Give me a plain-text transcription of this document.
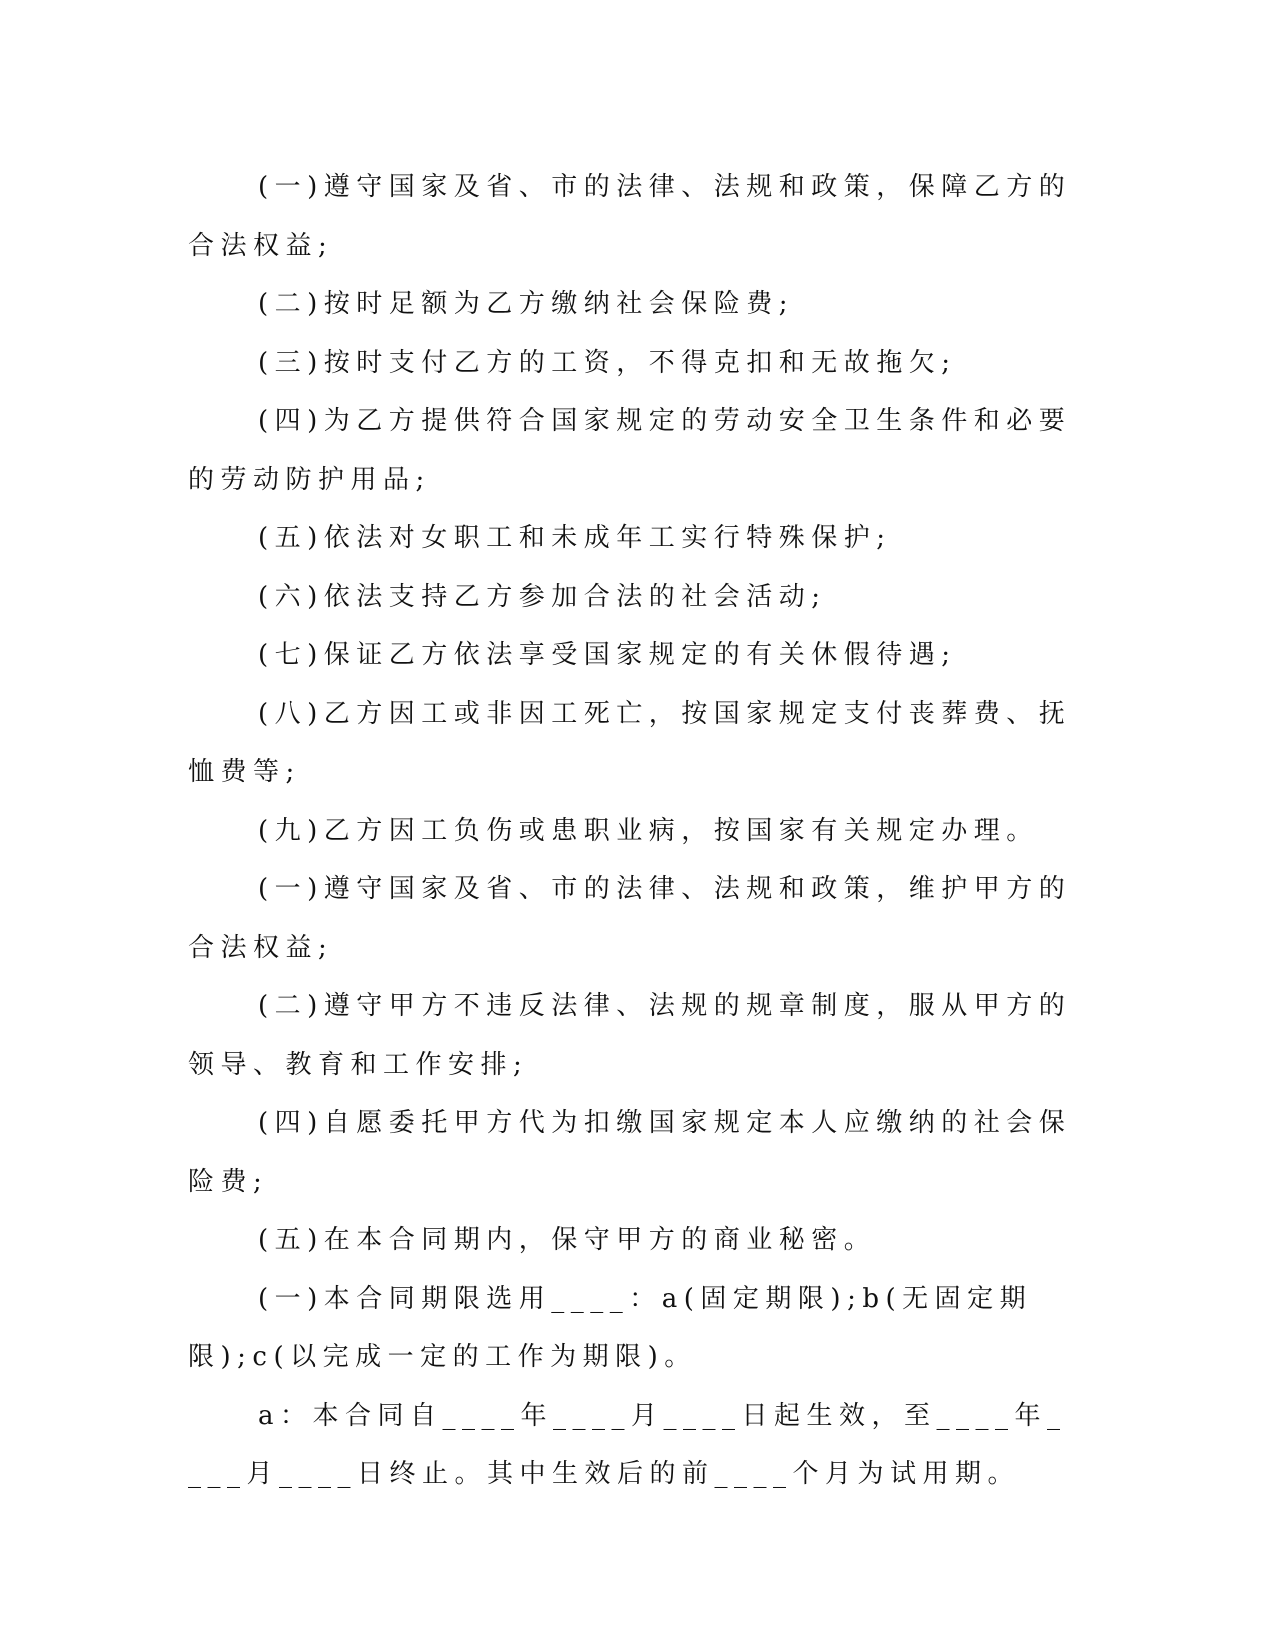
(一)遵守国家及省、市的法律、法规和政策，保障乙方的合法权益;

(二)按时足额为乙方缴纳社会保险费;

(三)按时支付乙方的工资，不得克扣和无故拖欠;

(四)为乙方提供符合国家规定的劳动安全卫生条件和必要的劳动防护用品;

(五)依法对女职工和未成年工实行特殊保护;

(六)依法支持乙方参加合法的社会活动;

(七)保证乙方依法享受国家规定的有关休假待遇;

(八)乙方因工或非因工死亡，按国家规定支付丧葬费、抚恤费等;

(九)乙方因工负伤或患职业病，按国家有关规定办理。

(一)遵守国家及省、市的法律、法规和政策，维护甲方的合法权益;

(二)遵守甲方不违反法律、法规的规章制度，服从甲方的领导、教育和工作安排;

(四)自愿委托甲方代为扣缴国家规定本人应缴纳的社会保险费;

(五)在本合同期内，保守甲方的商业秘密。

(一)本合同期限选用____：a(固定期限);b(无固定期限);c(以完成一定的工作为期限)。

a：本合同自____年____月____日起生效，至____年____月____日终止。其中生效后的前____个月为试用期。
